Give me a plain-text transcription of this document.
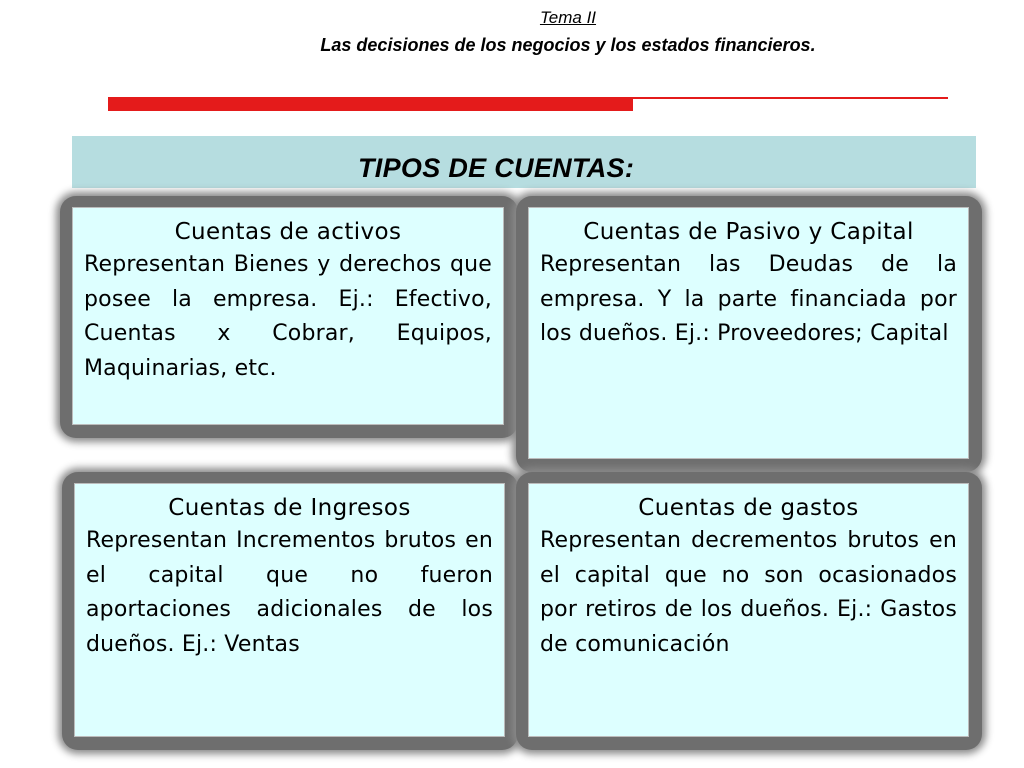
Tema II
Las decisiones de los negocios y los estados financieros.
TIPOS DE CUENTAS:
Cuentas de activos
Representan Bienes y derechos que posee la empresa. Ej.: Efectivo, Cuentas x Cobrar, Equipos, Maquinarias, etc.
Cuentas de Pasivo y Capital
Representan las Deudas de la empresa. Y la parte financiada por los dueños. Ej.: Proveedores; Capital
Cuentas de Ingresos
Representan Incrementos brutos en el capital que no fueron aportaciones adicionales de los dueños. Ej.: Ventas
Cuentas de gastos
Representan decrementos brutos en el capital que no son ocasionados por retiros de los dueños. Ej.: Gastos de comunicación
